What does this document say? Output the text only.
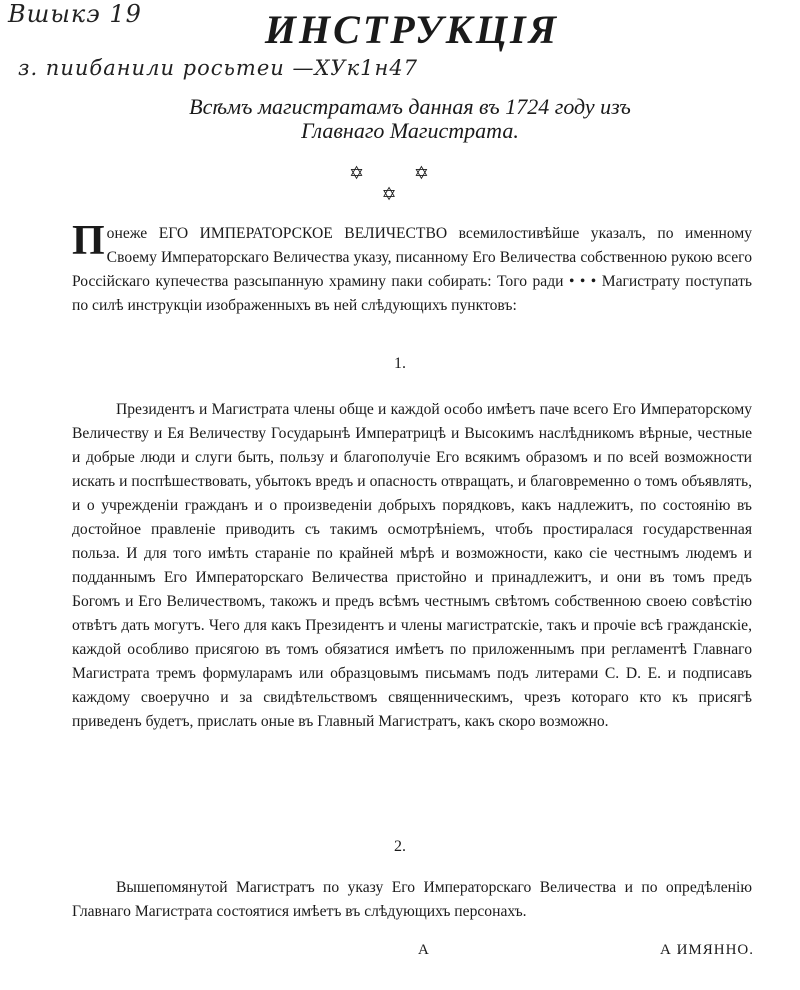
Вшыкэ 19
з. пиибанили росьтеи —ХУк1н47
ИНСТРУКЦIЯ
Всѣмъ магистратамъ данная въ 1724 году изъ
Главнаго Магистрата.
✡ ✡ ✡
Понеже ЕГО ИМПЕРАТОРСКОЕ ВЕЛИЧЕСТВО всемилостивѣйше указалъ, по именному Своему Императорскаго Величества указу, писанному Его Величества собственною рукою всего Россiйскаго купечества разсыпанную храмину паки собирать: Того ради • • • Магистрату поступать по силѣ инструкцiи изображенныхъ въ ней слѣдующихъ пунктовъ:
1.
Президентъ и Магистрата члены обще и каждой особо имѣетъ паче всего Его Императорскому Величеству и Ея Величеству Государынѣ Императрицѣ и Высокимъ наслѣдникомъ вѣрные, честные и добрые люди и слуги быть, пользу и благополучiе Его всякимъ образомъ и по всей возможности искать и поспѣшествовать, убытокъ вредъ и опасность отвращать, и благовременно о томъ объявлять, и о учрежденiи гражданъ и о произведенiи добрыхъ порядковъ, какъ надлежитъ, по состоянiю въ достойное правленiе приводить съ такимъ осмотрѣнiемъ, чтобъ простиралася государственная польза. И для того имѣть старанiе по крайней мѣрѣ и возможности, како сiе честнымъ людемъ и подданнымъ Его Императорскаго Величества пристойно и принадлежитъ, и они въ томъ предъ Богомъ и Его Величествомъ, такожъ и предъ всѣмъ честнымъ свѣтомъ собственною своею совѣстiю отвѣтъ дать могутъ. Чего для какъ Президентъ и члены магистратскiе, такъ и прочiе всѣ гражданскiе, каждой особливо присягою въ томъ обязатися имѣетъ по приложеннымъ при регламентѣ Главнаго Магистрата тремъ формуларамъ или образцовымъ письмамъ подъ литерами C. D. E. и подписавъ каждому своеручно и за свидѣтельствомъ священническимъ, чрезъ котораго кто къ присягѣ приведенъ будетъ, прислать оные въ Главный Магистратъ, какъ скоро возможно.
2.
Вышепомянутой Магистратъ по указу Его Императорскаго Величества и по опредѣленiю Главнаго Магистрата состоятися имѣетъ въ слѣдующихъ персонахъ.
А	А ИМЯННО.
